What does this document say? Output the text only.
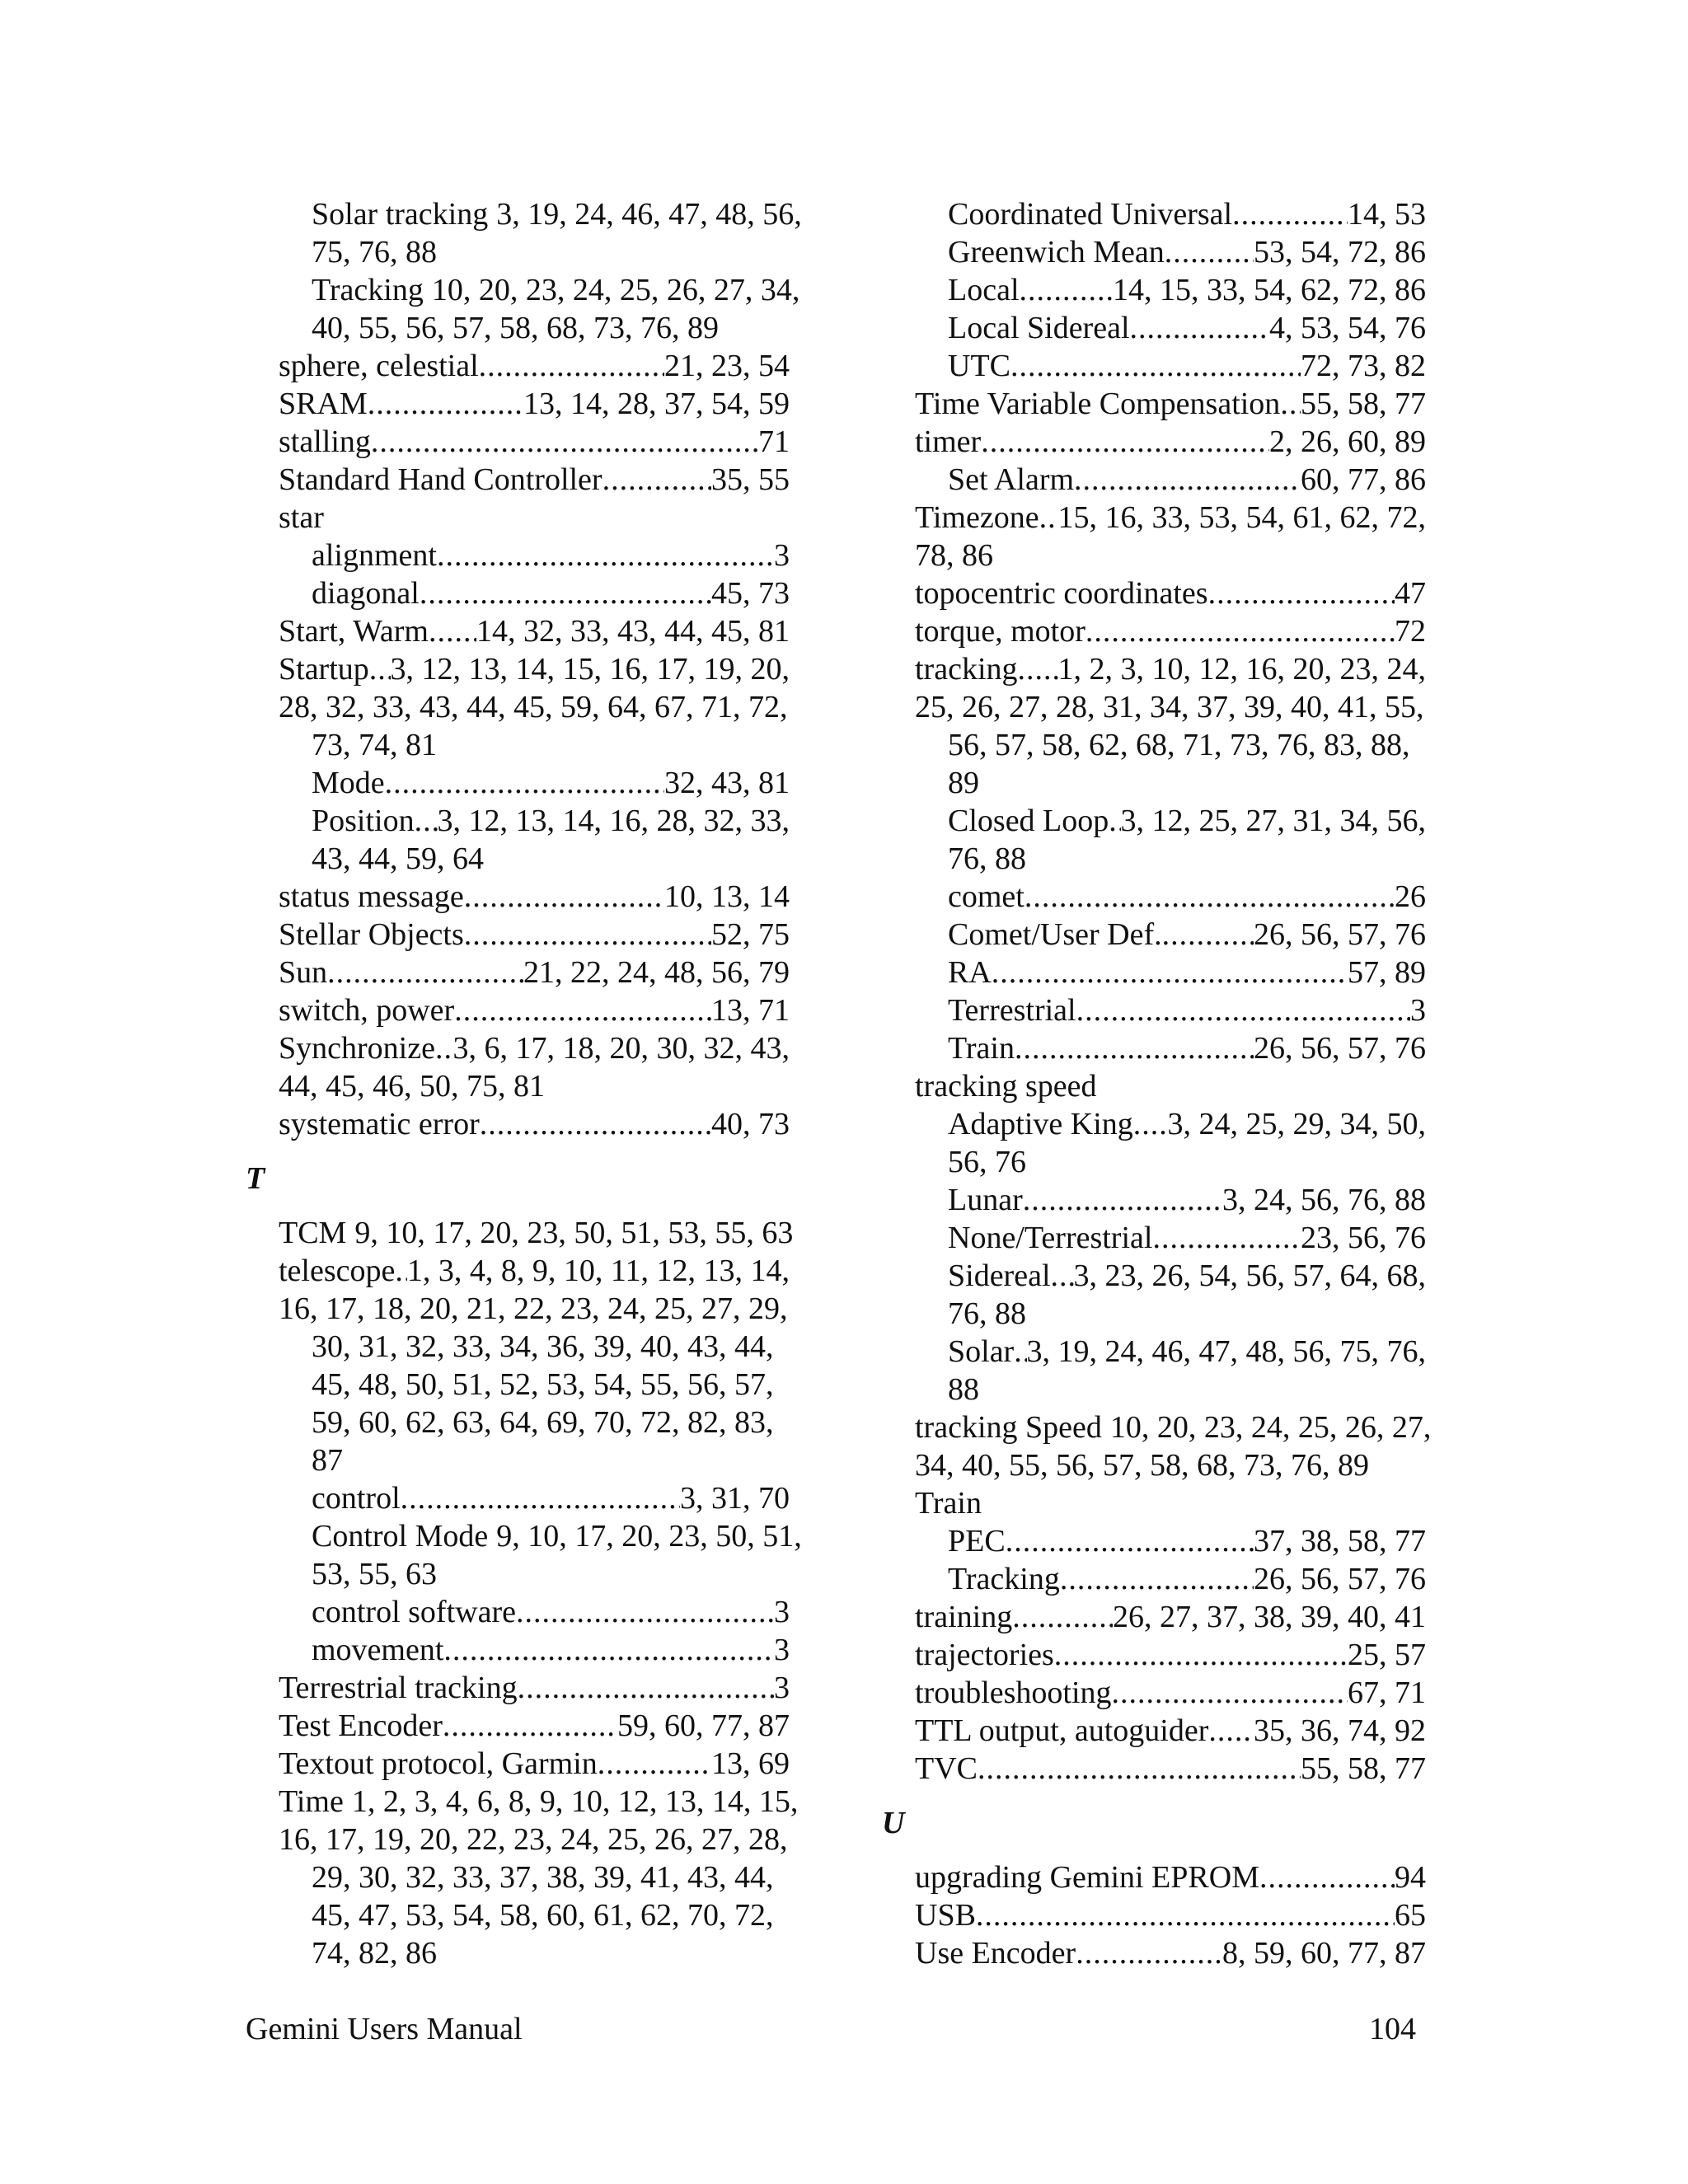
Solar tracking 3, 19, 24, 46, 47, 48, 56,
75, 76, 88
Tracking 10, 20, 23, 24, 25, 26, 27, 34,
40, 55, 56, 57, 58, 68, 73, 76, 89
sphere, celestial .....	21, 23, 54
SRAM .....	13, 14, 28, 37, 54, 59
stalling .....	71
Standard Hand Controller .....	35, 55
star
alignment .....	3
diagonal .....	45, 73
Start, Warm ..... 14, 32, 33, 43, 44, 45, 81
Startup ..... 3, 12, 13, 14, 15, 16, 17, 19, 20,
28, 32, 33, 43, 44, 45, 59, 64, 67, 71, 72, 73, 74, 81
Mode .....	32, 43, 81
Position ..... 3, 12, 13, 14, 16, 28, 32, 33,
43, 44, 59, 64
status message .....	10, 13, 14
Stellar Objects .....	52, 75
Sun .....	21, 22, 24, 48, 56, 79
switch, power .....	13, 71
Synchronize ..... 3, 6, 17, 18, 20, 30, 32, 43,
44, 45, 46, 50, 75, 81
systematic error .....	40, 73
T
TCM 9, 10, 17, 20, 23, 50, 51, 53, 55, 63
telescope ..... 1, 3, 4, 8, 9, 10, 11, 12, 13, 14,
16, 17, 18, 20, 21, 22, 23, 24, 25, 27, 29, 30, 31, 32, 33, 34, 36, 39, 40, 43, 44, 45, 48, 50, 51, 52, 53, 54, 55, 56, 57, 59, 60, 62, 63, 64, 69, 70, 72, 82, 83, 87
control .....	3, 31, 70
Control Mode 9, 10, 17, 20, 23, 50, 51,
53, 55, 63
control software .....	3
movement .....	3
Terrestrial tracking .....	3
Test Encoder .....	59, 60, 77, 87
Textout protocol, Garmin .....	13, 69
Time 1, 2, 3, 4, 6, 8, 9, 10, 12, 13, 14, 15,
16, 17, 19, 20, 22, 23, 24, 25, 26, 27, 28, 29, 30, 32, 33, 37, 38, 39, 41, 43, 44, 45, 47, 53, 54, 58, 60, 61, 62, 70, 72, 74, 82, 86
Coordinated Universal .....	14, 53
Greenwich Mean .....	53, 54, 72, 86
Local .....	14, 15, 33, 54, 62, 72, 86
Local Sidereal .....	4, 53, 54, 76
UTC .....	72, 73, 82
Time Variable Compensation ..... 55, 58, 77
timer .....	2, 26, 60, 89
Set Alarm .....	60, 77, 86
Timezone ..... 15, 16, 33, 53, 54, 61, 62, 72,
78, 86
topocentric coordinates .....	47
torque, motor .....	72
tracking ..... 1, 2, 3, 10, 12, 16, 20, 23, 24,
25, 26, 27, 28, 31, 34, 37, 39, 40, 41, 55, 56, 57, 58, 62, 68, 71, 73, 76, 83, 88, 89
Closed Loop ..... 3, 12, 25, 27, 31, 34, 56,
76, 88
comet .....	26
Comet/User Def. .....	26, 56, 57, 76
RA .....	57, 89
Terrestrial .....	3
Train .....	26, 56, 57, 76
tracking speed
Adaptive King ..... 3, 24, 25, 29, 34, 50,
56, 76
Lunar .....	3, 24, 56, 76, 88
None/Terrestrial .....	23, 56, 76
Sidereal ..... 3, 23, 26, 54, 56, 57, 64, 68,
76, 88
Solar ..... 3, 19, 24, 46, 47, 48, 56, 75, 76,
88
tracking Speed 10, 20, 23, 24, 25, 26, 27,
34, 40, 55, 56, 57, 58, 68, 73, 76, 89
Train
PEC .....	37, 38, 58, 77
Tracking .....	26, 56, 57, 76
training .....	26, 27, 37, 38, 39, 40, 41
trajectories .....	25, 57
troubleshooting .....	67, 71
TTL output, autoguider ..... 35, 36, 74, 92
TVC .....	55, 58, 77
U
upgrading Gemini EPROM .....	94
USB .....	65
Use Encoder .....	8, 59, 60, 77, 87
Gemini Users Manual	104
